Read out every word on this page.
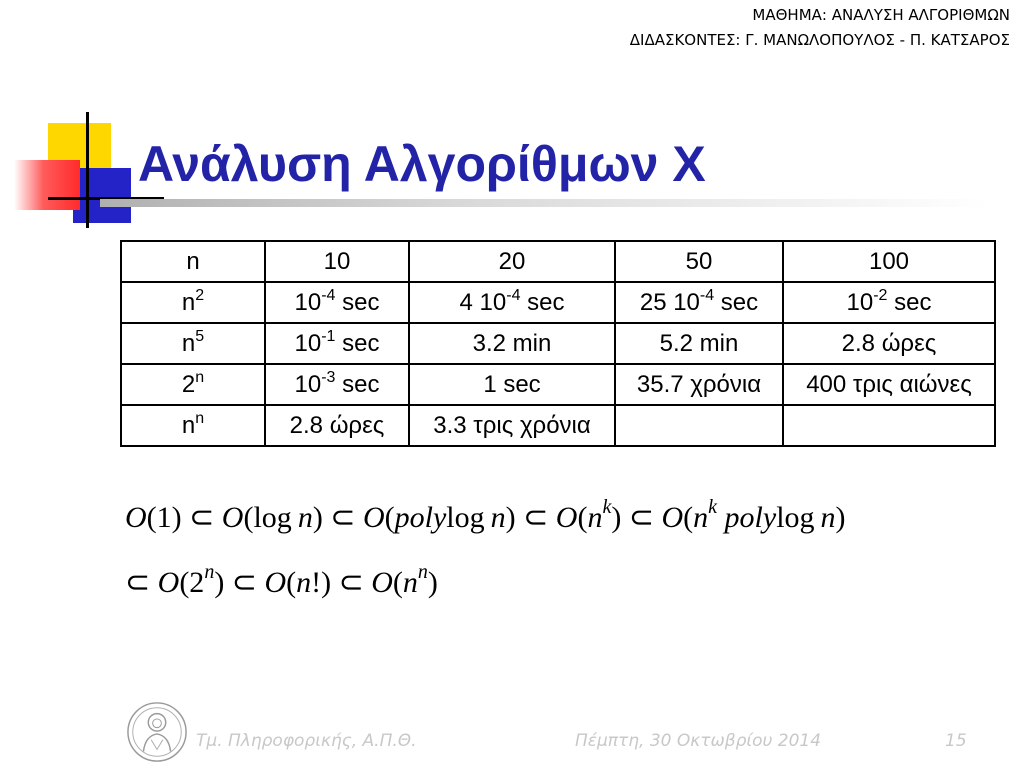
ΜΑΘΗΜΑ: ΑΝΑΛΥΣΗ ΑΛΓΟΡΙΘΜΩΝ
ΔΙΔΑΣΚΟΝΤΕΣ: Γ. ΜΑΝΩΛΟΠΟΥΛΟΣ - Π. ΚΑΤΣΑΡΟΣ
Ανάλυση Αλγορίθμων Χ
n	10	20	50	100
$n^2$	$10^{-4}$ sec	4 $10^{-4}$ sec	25 $10^{-4}$ sec	$10^{-2}$ sec
$n^5$	$10^{-1}$ sec	3.2 min	5.2 min	2.8 ώρες
2$^n$	$10^{-3}$ sec	1 sec	35.7 χρόνια	400 τρις αιώνες
$n^n$	2.8 ώρες	3.3 τρις χρόνια		
O(1) ⊂ O(log n) ⊂ O(polylog n) ⊂ $O(n^k)$ ⊂ $O(n^k$ polylog n)
⊂ O(2$^n$) ⊂ O(n!) ⊂ $O(n^n)$
Τμ. Πληροφορικής, Α.Π.Θ.	Πέμπτη, 30 Οκτωβρίου 2014	15
